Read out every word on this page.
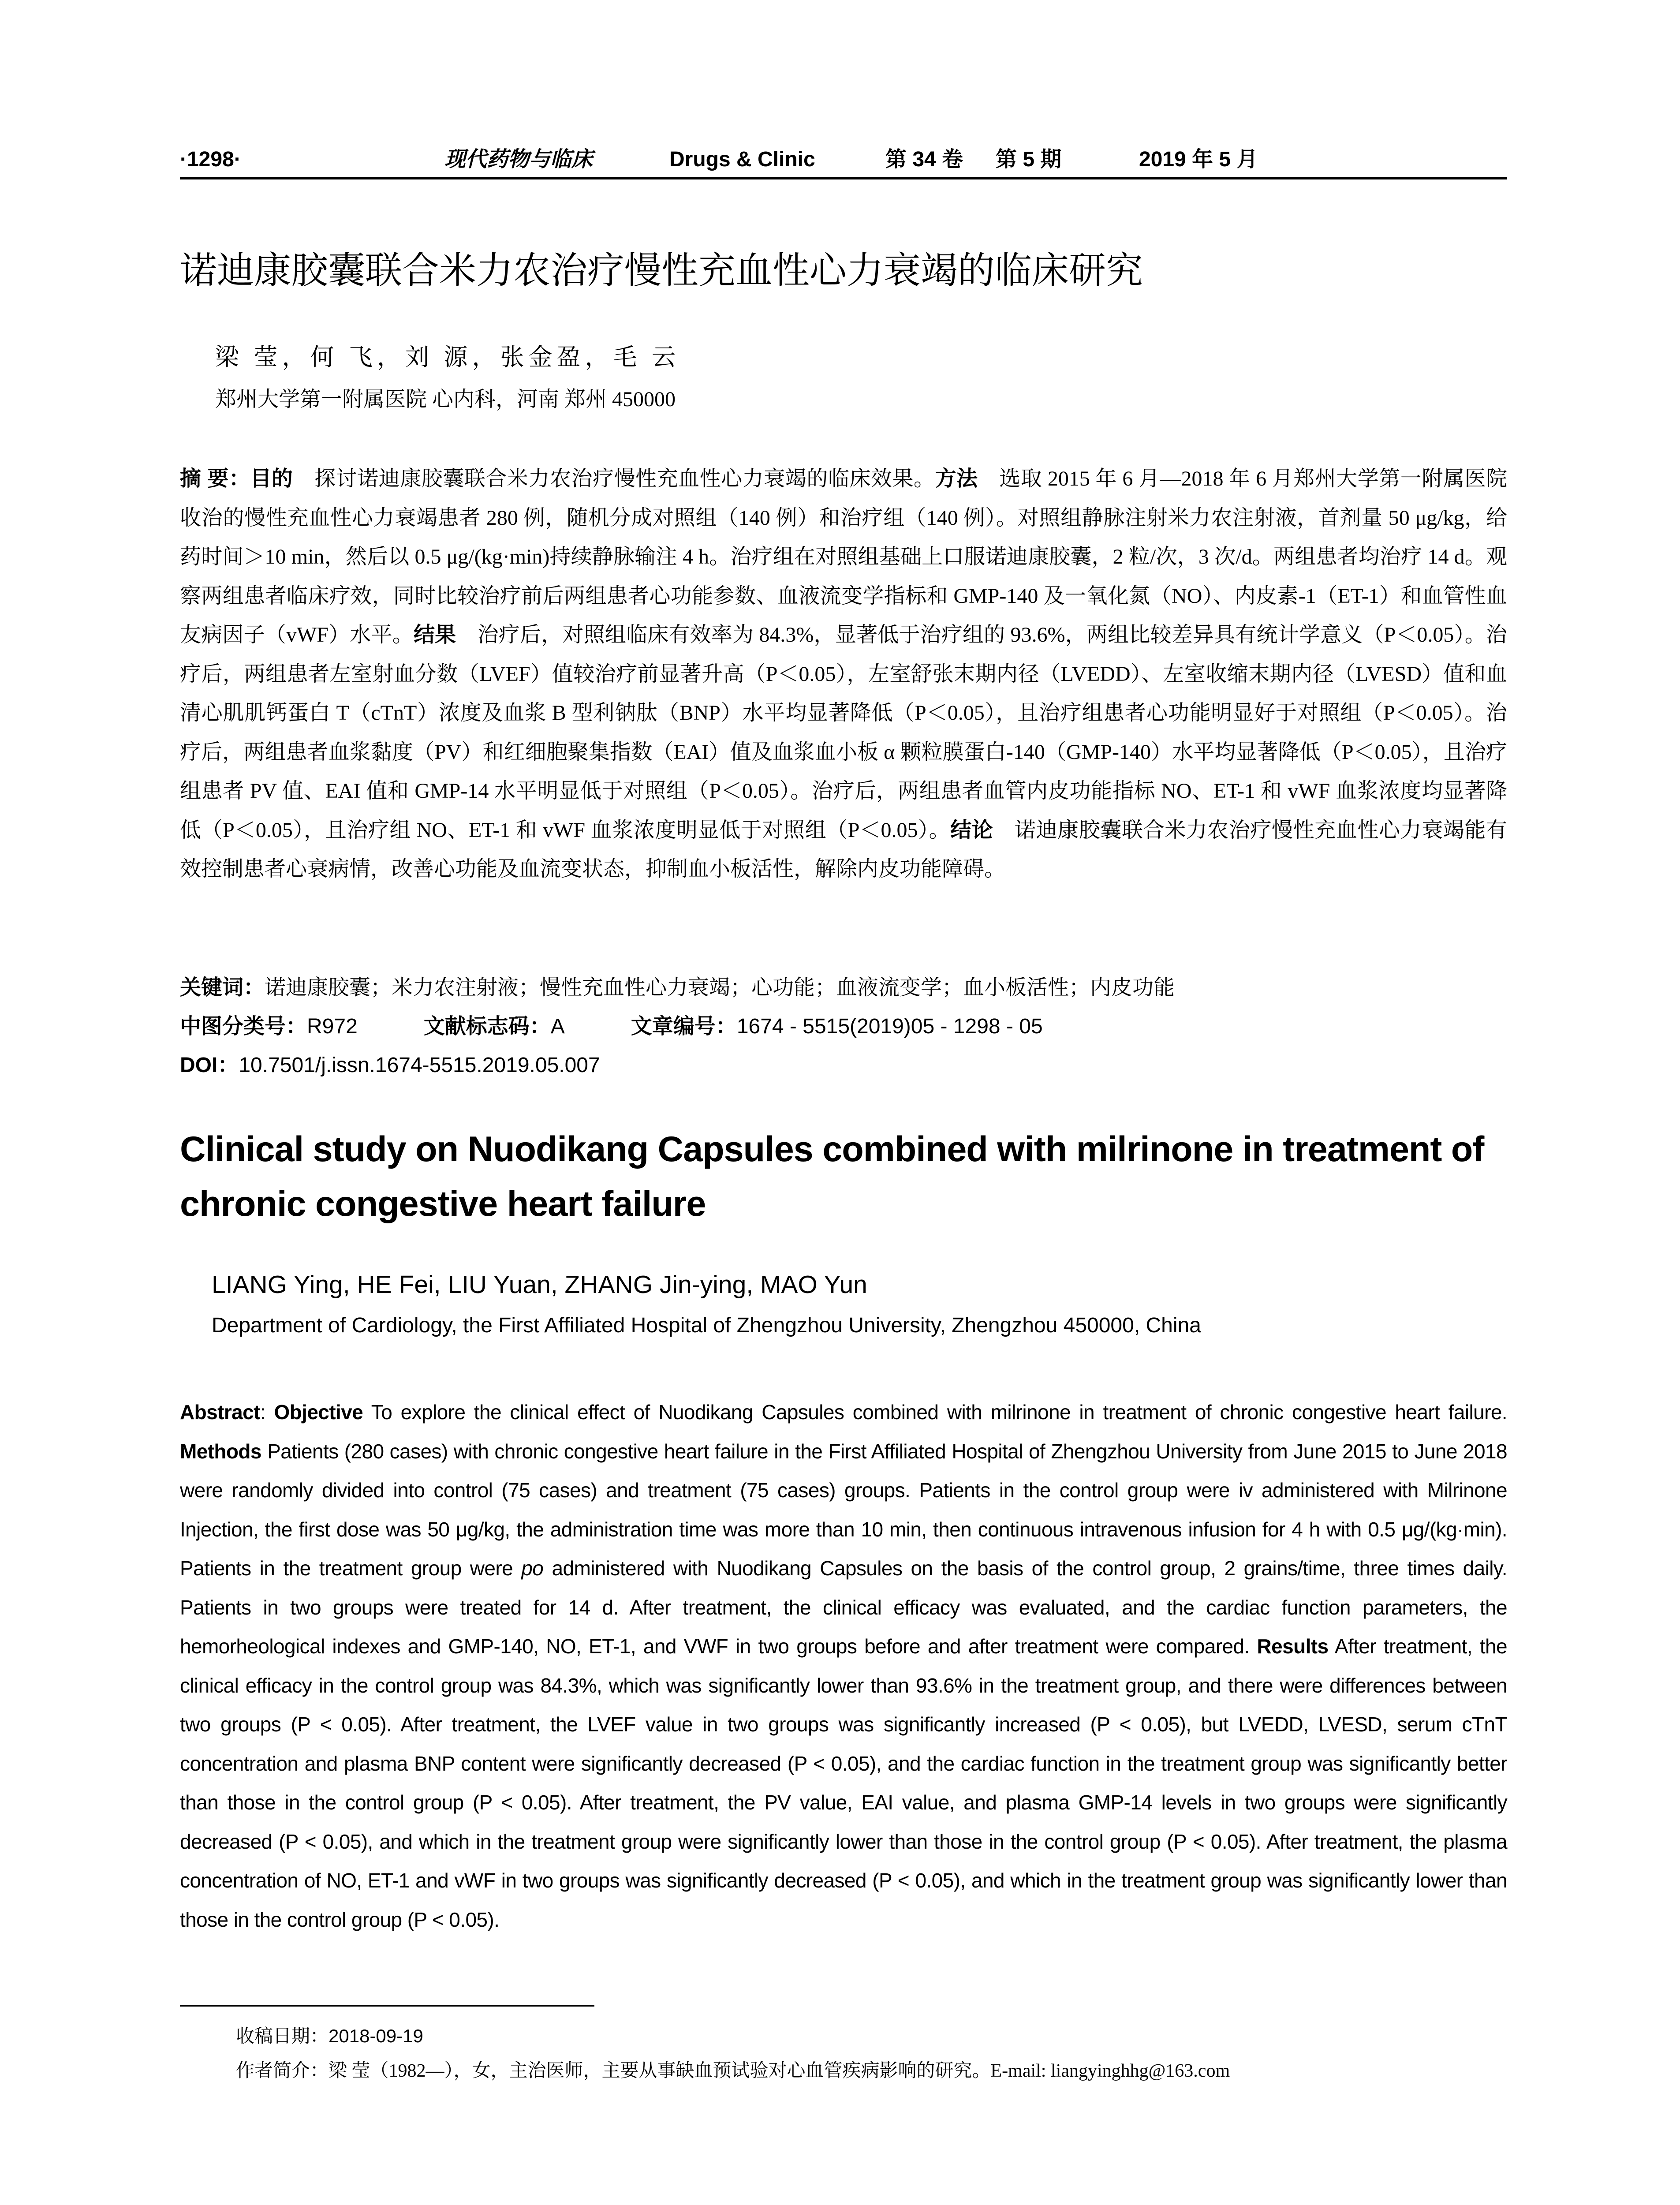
·1298·	现代药物与临床	Drugs & Clinic	第 34 卷 第 5 期	2019 年 5 月
诺迪康胶囊联合米力农治疗慢性充血性心力衰竭的临床研究
梁 莹，何 飞，刘 源，张金盈，毛 云
郑州大学第一附属医院 心内科，河南 郑州 450000
摘 要：目的　探讨诺迪康胶囊联合米力农治疗慢性充血性心力衰竭的临床效果。方法　选取 2015 年 6 月—2018 年 6 月郑州大学第一附属医院收治的慢性充血性心力衰竭患者 280 例，随机分成对照组（140 例）和治疗组（140 例）。对照组静脉注射米力农注射液，首剂量 50 μg/kg，给药时间＞10 min，然后以 0.5 μg/(kg·min)持续静脉输注 4 h。治疗组在对照组基础上口服诺迪康胶囊，2 粒/次，3 次/d。两组患者均治疗 14 d。观察两组患者临床疗效，同时比较治疗前后两组患者心功能参数、血液流变学指标和 GMP-140 及一氧化氮（NO）、内皮素-1（ET-1）和血管性血友病因子（vWF）水平。结果　治疗后，对照组临床有效率为 84.3%，显著低于治疗组的 93.6%，两组比较差异具有统计学意义（P＜0.05）。治疗后，两组患者左室射血分数（LVEF）值较治疗前显著升高（P＜0.05），左室舒张末期内径（LVEDD）、左室收缩末期内径（LVESD）值和血清心肌肌钙蛋白 T（cTnT）浓度及血浆 B 型利钠肽（BNP）水平均显著降低（P＜0.05），且治疗组患者心功能明显好于对照组（P＜0.05）。治疗后，两组患者血浆黏度（PV）和红细胞聚集指数（EAI）值及血浆血小板 α 颗粒膜蛋白-140（GMP-140）水平均显著降低（P＜0.05），且治疗组患者 PV 值、EAI 值和 GMP-14 水平明显低于对照组（P＜0.05）。治疗后，两组患者血管内皮功能指标 NO、ET-1 和 vWF 血浆浓度均显著降低（P＜0.05），且治疗组 NO、ET-1 和 vWF 血浆浓度明显低于对照组（P＜0.05）。结论　诺迪康胶囊联合米力农治疗慢性充血性心力衰竭能有效控制患者心衰病情，改善心功能及血流变状态，抑制血小板活性，解除内皮功能障碍。
关键词：诺迪康胶囊；米力农注射液；慢性充血性心力衰竭；心功能；血液流变学；血小板活性；内皮功能
中图分类号：R972	文献标志码：A	文章编号：1674 - 5515(2019)05 - 1298 - 05
DOI：10.7501/j.issn.1674-5515.2019.05.007
Clinical study on Nuodikang Capsules combined with milrinone in treatment of chronic congestive heart failure
LIANG Ying, HE Fei, LIU Yuan, ZHANG Jin-ying, MAO Yun
Department of Cardiology, the First Affiliated Hospital of Zhengzhou University, Zhengzhou 450000, China
Abstract: Objective To explore the clinical effect of Nuodikang Capsules combined with milrinone in treatment of chronic congestive heart failure. Methods Patients (280 cases) with chronic congestive heart failure in the First Affiliated Hospital of Zhengzhou University from June 2015 to June 2018 were randomly divided into control (75 cases) and treatment (75 cases) groups. Patients in the control group were iv administered with Milrinone Injection, the first dose was 50 μg/kg, the administration time was more than 10 min, then continuous intravenous infusion for 4 h with 0.5 μg/(kg·min). Patients in the treatment group were po administered with Nuodikang Capsules on the basis of the control group, 2 grains/time, three times daily. Patients in two groups were treated for 14 d. After treatment, the clinical efficacy was evaluated, and the cardiac function parameters, the hemorheological indexes and GMP-140, NO, ET-1, and VWF in two groups before and after treatment were compared. Results After treatment, the clinical efficacy in the control group was 84.3%, which was significantly lower than 93.6% in the treatment group, and there were differences between two groups (P < 0.05). After treatment, the LVEF value in two groups was significantly increased (P < 0.05), but LVEDD, LVESD, serum cTnT concentration and plasma BNP content were significantly decreased (P < 0.05), and the cardiac function in the treatment group was significantly better than those in the control group (P < 0.05). After treatment, the PV value, EAI value, and plasma GMP-14 levels in two groups were significantly decreased (P < 0.05), and which in the treatment group were significantly lower than those in the control group (P < 0.05). After treatment, the plasma concentration of NO, ET-1 and vWF in two groups was significantly decreased (P < 0.05), and which in the treatment group was significantly lower than those in the control group (P < 0.05).
收稿日期：2018-09-19
作者简介：梁 莹（1982—），女，主治医师，主要从事缺血预试验对心血管疾病影响的研究。E-mail: liangyinghhg@163.com
